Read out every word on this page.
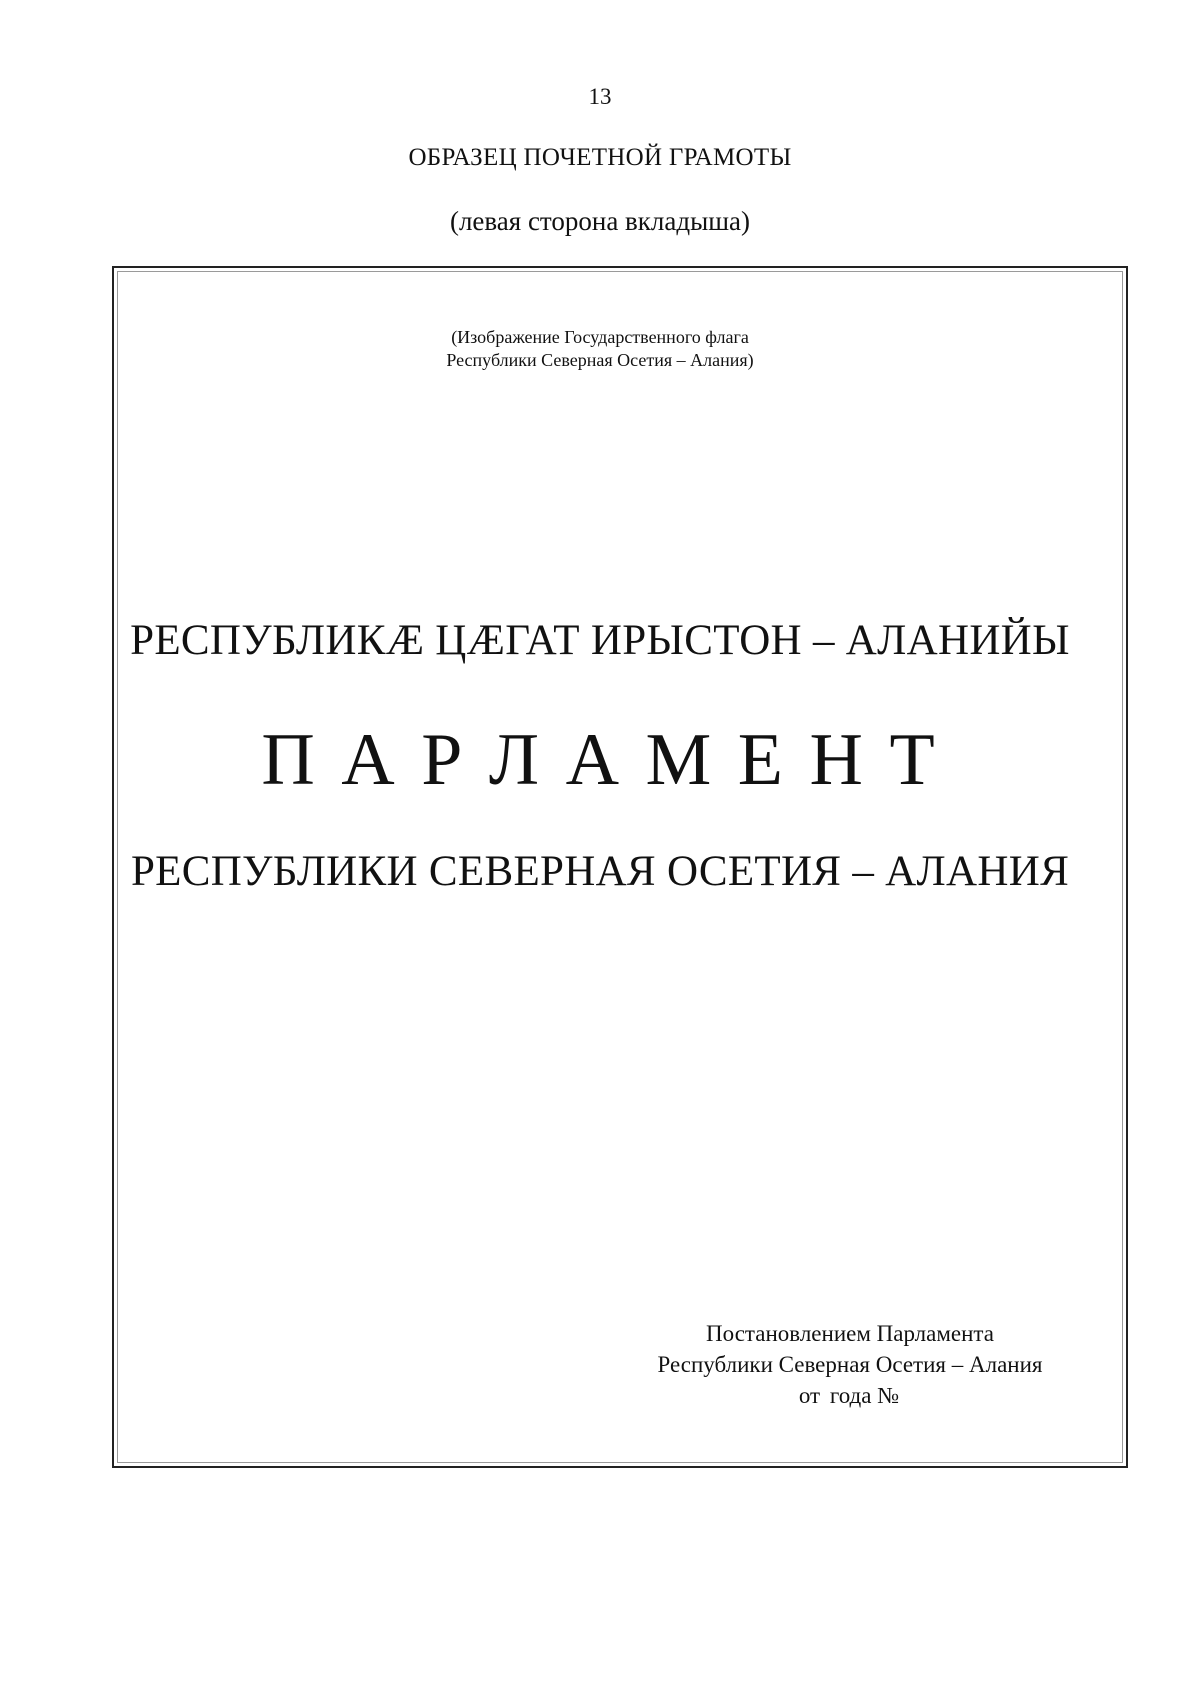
13
ОБРАЗЕЦ ПОЧЕТНОЙ ГРАМОТЫ
(левая сторона вкладыша)
(Изображение Государственного флага
Республики Северная Осетия – Алания)
РЕСПУБЛИКӔ ЦӔГАТ ИРЫСТОН – АЛАНИЙЫ
П А Р Л А М Е Н Т
РЕСПУБЛИКИ СЕВЕРНАЯ ОСЕТИЯ – АЛАНИЯ
Постановлением Парламента
Республики Северная Осетия – Алания
от года №
